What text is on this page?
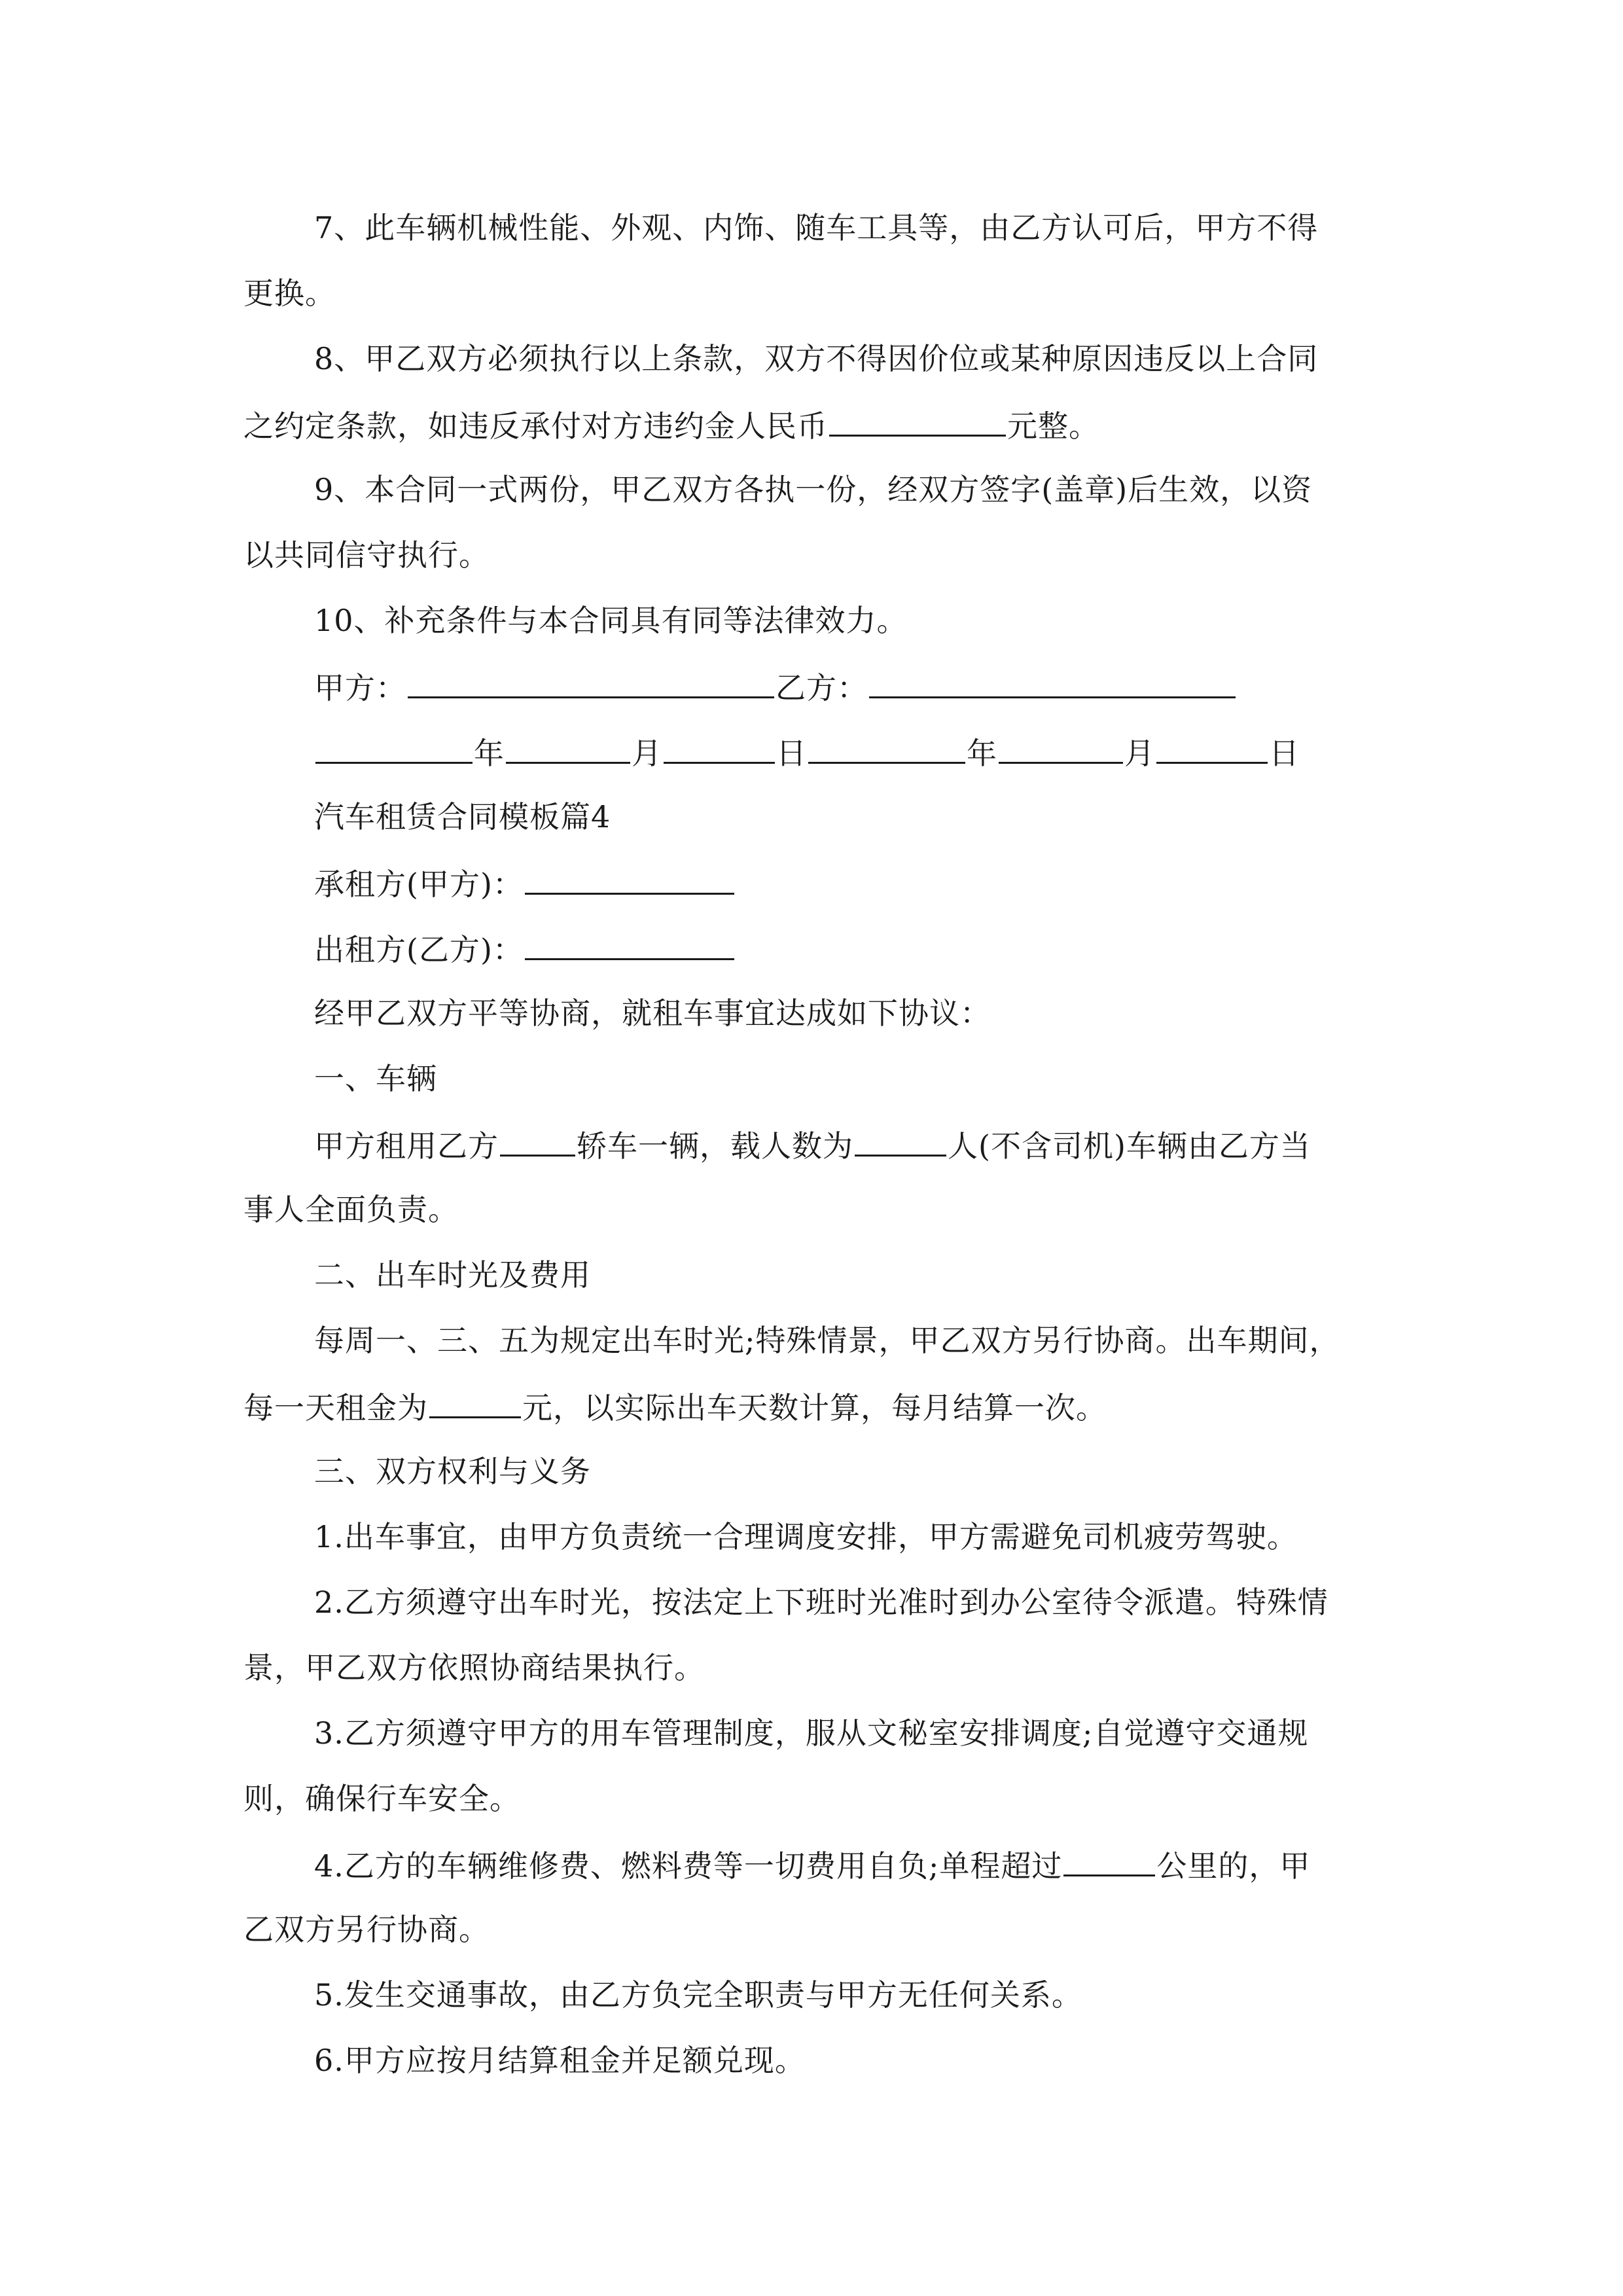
7、此车辆机械性能、外观、内饰、随车工具等，由乙方认可后，甲方不得
更换。
8、甲乙双方必须执行以上条款，双方不得因价位或某种原因违反以上合同
之约定条款，如违反承付对方违约金人民币	元整。
9、本合同一式两份，甲乙双方各执一份，经双方签字(盖章)后生效，以资
以共同信守执行。
10、补充条件与本合同具有同等法律效力。
甲方：	乙方：
年	月	日	年	月	日
汽车租赁合同模板篇4
承租方(甲方)：
出租方(乙方)：
经甲乙双方平等协商，就租车事宜达成如下协议：
一、车辆
甲方租用乙方	轿车一辆，载人数为	人(不含司机)车辆由乙方当
事人全面负责。
二、出车时光及费用
每周一、三、五为规定出车时光;特殊情景，甲乙双方另行协商。出车期间，
每一天租金为	元，以实际出车天数计算，每月结算一次。
三、双方权利与义务
1.出车事宜，由甲方负责统一合理调度安排，甲方需避免司机疲劳驾驶。
2.乙方须遵守出车时光，按法定上下班时光准时到办公室待令派遣。特殊情
景，甲乙双方依照协商结果执行。
3.乙方须遵守甲方的用车管理制度，服从文秘室安排调度;自觉遵守交通规
则，确保行车安全。
4.乙方的车辆维修费、燃料费等一切费用自负;单程超过	公里的，甲
乙双方另行协商。
5.发生交通事故，由乙方负完全职责与甲方无任何关系。
6.甲方应按月结算租金并足额兑现。
